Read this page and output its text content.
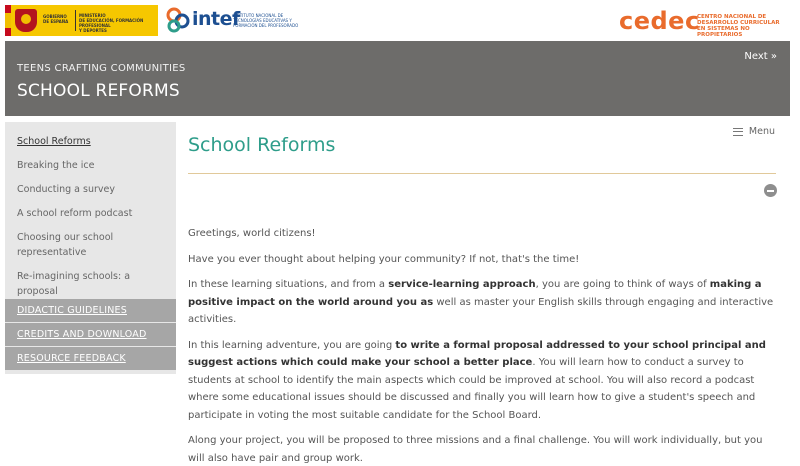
GOBIERNO
DE ESPAÑA
MINISTERIO
DE EDUCACIÓN, FORMACIÓN PROFESIONAL
Y DEPORTES
intef
INSTITUTO NACIONAL DE
TECNOLOGÍAS EDUCATIVAS Y
FORMACIÓN DEL PROFESORADO	cedec
CENTRO NACIONAL DE
DESARROLLO CURRICULAR
EN SISTEMAS NO PROPIETARIOS
TEENS CRAFTING COMMUNITIES
SCHOOL REFORMS
Next »
School Reforms
Breaking the ice
Conducting a survey
A school reform podcast
Choosing our school representative
Re-imagining schools: a proposal
DIDACTIC GUIDELINES
CREDITS AND DOWNLOAD
RESOURCE FEEDBACK
Menu
School Reforms

Greetings, world citizens!

Have you ever thought about helping your community? If not, that's the time!

In these learning situations, and from a service-learning approach, you are going to think of ways of making a positive impact on the world around you as well as master your English skills through engaging and interactive activities.

In this learning adventure, you are going to write a formal proposal addressed to your school principal and suggest actions which could make your school a better place. You will learn how to conduct a survey to students at school to identify the main aspects which could be improved at school. You will also record a podcast where some educational issues should be discussed and finally you will learn how to give a student's speech and participate in voting the most suitable candidate for the School Board.

Along your project, you will be proposed to three missions and a final challenge. You will work individually, but you will also have pair and group work.
